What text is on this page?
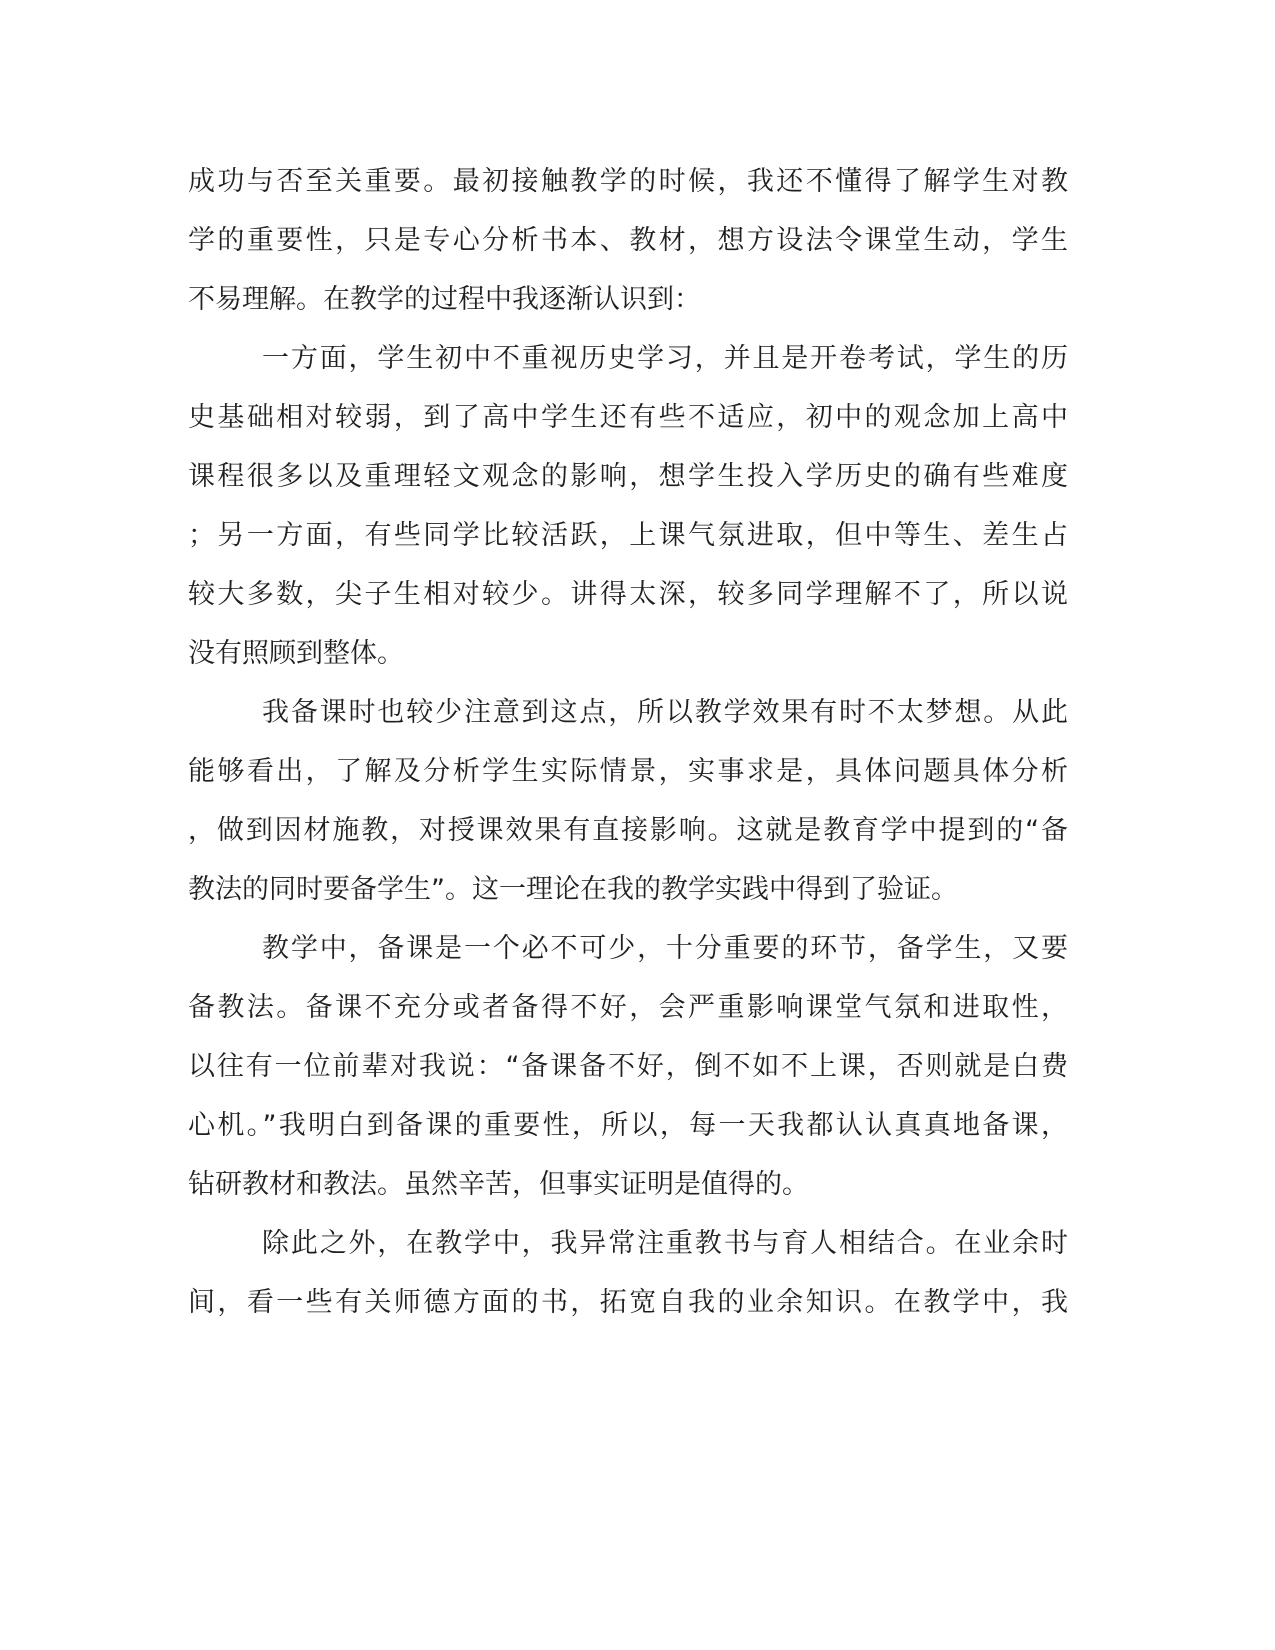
成功与否至关重要。最初接触教学的时候，我还不懂得了解学生对教
学的重要性，只是专心分析书本、教材，想方设法令课堂生动，学生
不易理解。在教学的过程中我逐渐认识到：
一方面，学生初中不重视历史学习，并且是开卷考试，学生的历
史基础相对较弱，到了高中学生还有些不适应，初中的观念加上高中
课程很多以及重理轻文观念的影响，想学生投入学历史的确有些难度
；另一方面，有些同学比较活跃，上课气氛进取，但中等生、差生占
较大多数，尖子生相对较少。讲得太深，较多同学理解不了，所以说
没有照顾到整体。
我备课时也较少注意到这点，所以教学效果有时不太梦想。从此
能够看出，了解及分析学生实际情景，实事求是，具体问题具体分析
，做到因材施教，对授课效果有直接影响。这就是教育学中提到的“备
教法的同时要备学生”。这一理论在我的教学实践中得到了验证。
教学中，备课是一个必不可少，十分重要的环节，备学生，又要
备教法。备课不充分或者备得不好，会严重影响课堂气氛和进取性，
以往有一位前辈对我说：“备课备不好，倒不如不上课，否则就是白费
心机。”我明白到备课的重要性，所以，每一天我都认认真真地备课，
钻研教材和教法。虽然辛苦，但事实证明是值得的。
除此之外，在教学中，我异常注重教书与育人相结合。在业余时
间，看一些有关师德方面的书，拓宽自我的业余知识。在教学中，我
